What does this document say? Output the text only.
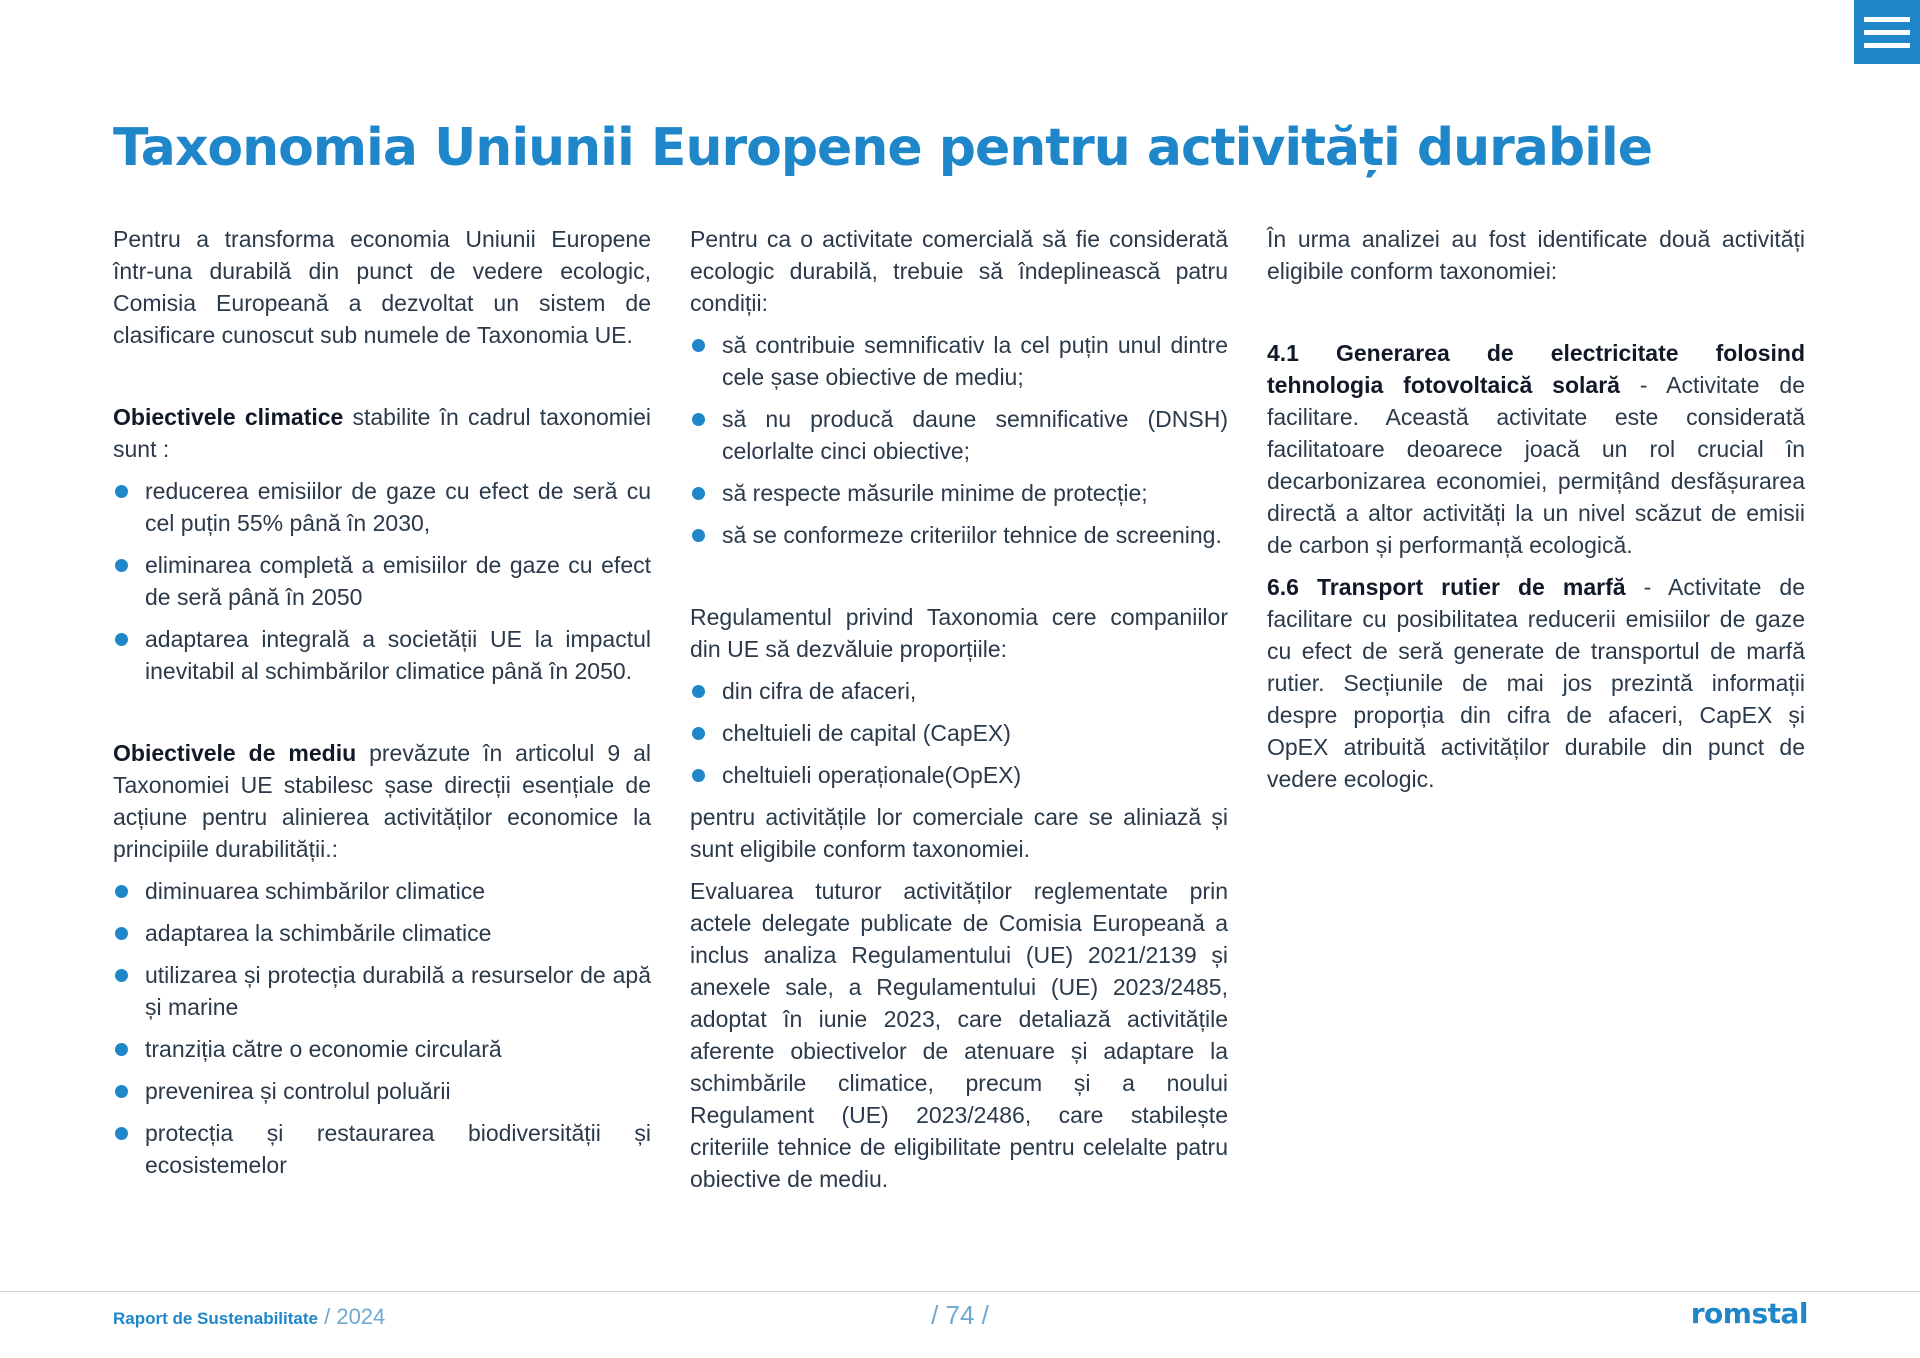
Taxonomia Uniunii Europene pentru activități durabile

Pentru a transforma economia Uniunii Europene într-una durabilă din punct de vedere ecologic, Comisia Europeană a dezvoltat un sistem de clasificare cunoscut sub numele de Taxonomia UE.

Obiectivele climatice stabilite în cadrul taxonomiei sunt :

reducerea emisiilor de gaze cu efect de seră cu cel puțin 55% până în 2030,
eliminarea completă a emisiilor de gaze cu efect de seră până în 2050
adaptarea integrală a societății UE la impactul inevitabil al schimbărilor climatice până în 2050.

Obiectivele de mediu prevăzute în articolul 9 al Taxonomiei UE stabilesc șase direcții esențiale de acțiune pentru alinierea activităților economice la principiile durabilității.:

diminuarea schimbărilor climatice
adaptarea la schimbările climatice
utilizarea și protecția durabilă a resurselor de apă și marine
tranziția către o economie circulară
prevenirea și controlul poluării
protecția și restaurarea biodiversității și ecosistemelor

Pentru ca o activitate comercială să fie considerată ecologic durabilă, trebuie să îndeplinească patru condiții:

să contribuie semnificativ la cel puțin unul dintre cele șase obiective de mediu;
să nu producă daune semnificative (DNSH) celorlalte cinci obiective;
să respecte măsurile minime de protecție;
să se conformeze criteriilor tehnice de screening.

Regulamentul privind Taxonomia cere companiilor din UE să dezvăluie proporțiile:

din cifra de afaceri,
cheltuieli de capital (CapEX)
cheltuieli operaționale(OpEX)

pentru activitățile lor comerciale care se aliniază și sunt eligibile conform taxonomiei.

Evaluarea tuturor activităților reglementate prin actele delegate publicate de Comisia Europeană a inclus analiza Regulamentului (UE) 2021/2139 și anexele sale, a Regulamentului (UE) 2023/2485, adoptat în iunie 2023, care detaliază activitățile aferente obiectivelor de atenuare și adaptare la schimbările climatice, precum și a noului Regulament (UE) 2023/2486, care stabilește criteriile tehnice de eligibilitate pentru celelalte patru obiective de mediu.

În urma analizei au fost identificate două activități eligibile conform taxonomiei:

4.1 Generarea de electricitate folosind tehnologia fotovoltaică solară - Activitate de facilitare. Această activitate este considerată facilitatoare deoarece joacă un rol crucial în decarbonizarea economiei, permițând desfășurarea directă a altor activități la un nivel scăzut de emisii de carbon și performanță ecologică.

6.6 Transport rutier de marfă - Activitate de facilitare cu posibilitatea reducerii emisiilor de gaze cu efect de seră generate de transportul de marfă rutier. Secțiunile de mai jos prezintă informații despre proporția din cifra de afaceri, CapEX și OpEX atribuită activităților durabile din punct de vedere ecologic.

Raport de Sustenabilitate / 2024	/ 74 /	romstal
